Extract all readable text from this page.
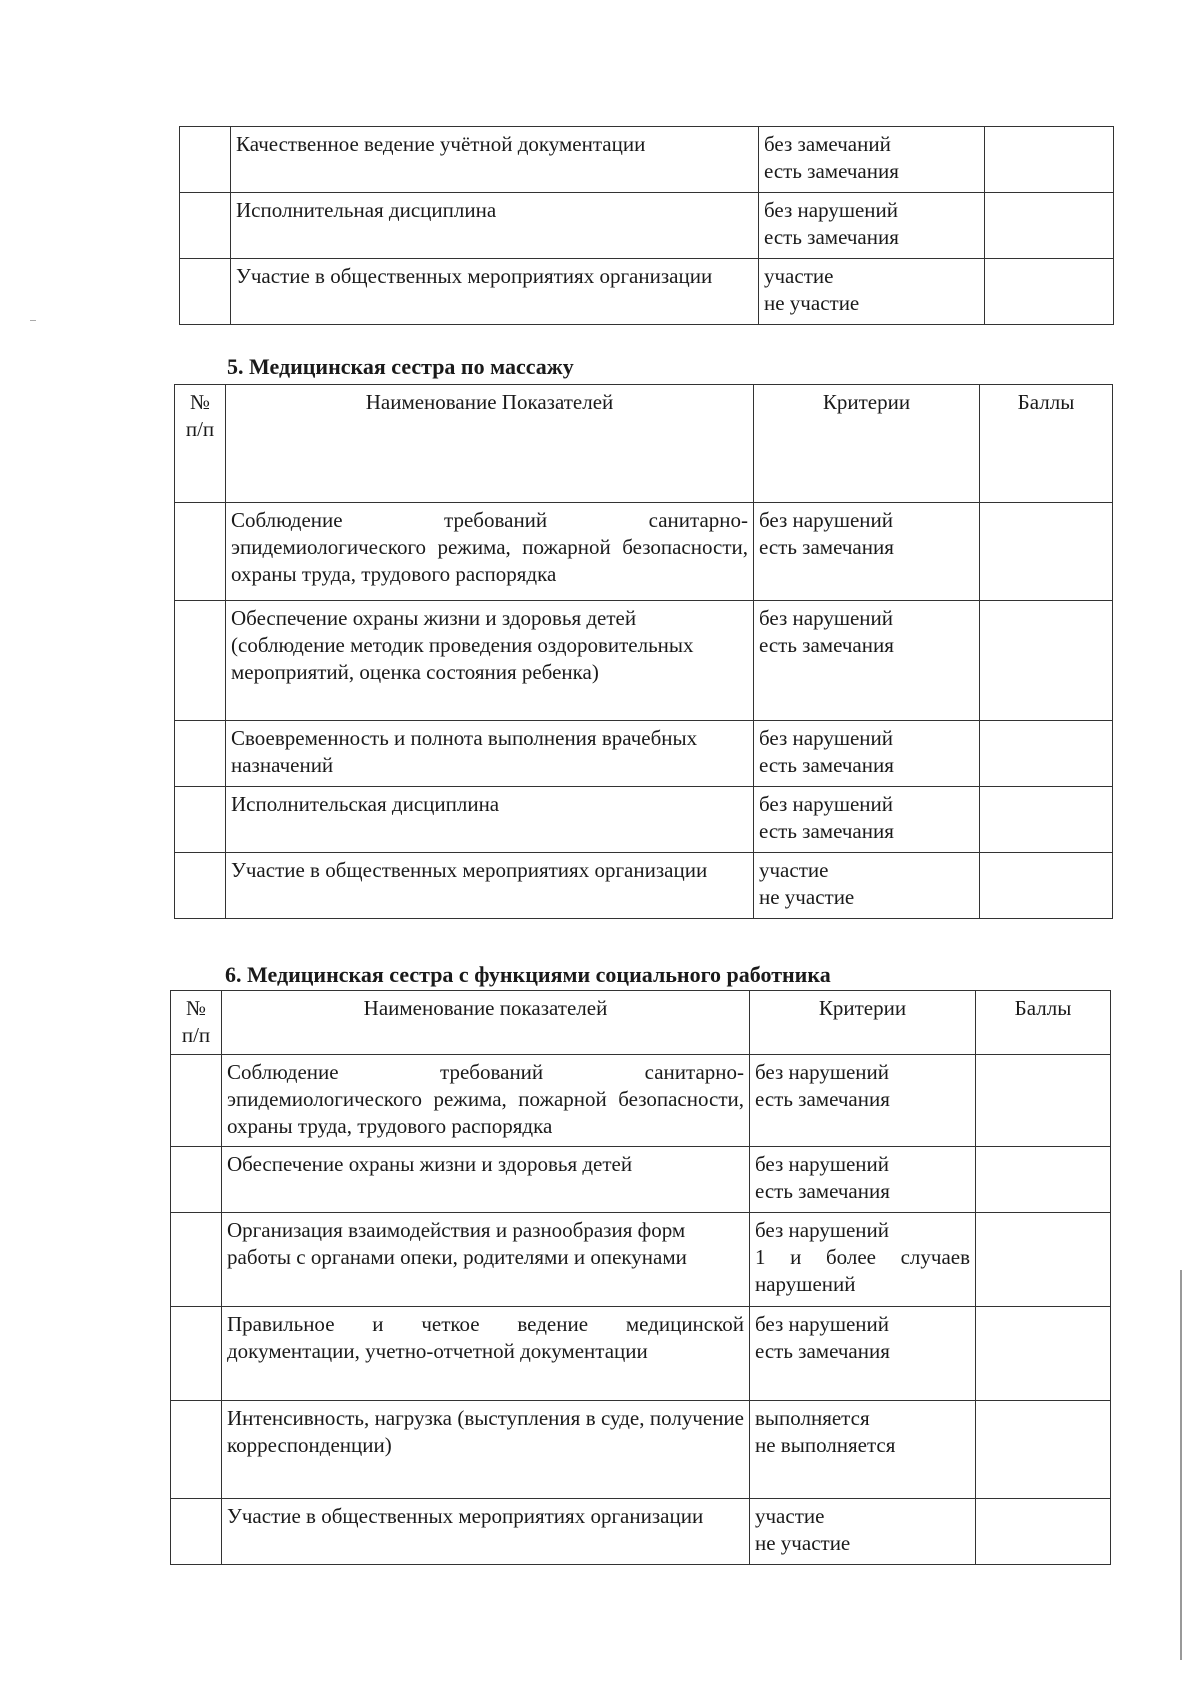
	Качественное ведение учётной документации	без замечаний
есть замечания	

	Исполнительная дисциплина	без нарушений
есть замечания	

	Участие в общественных мероприятиях организации	участие
не участие	

5. Медицинская сестра по массажу
№ п/п	Наименование Показателей	Критерии	Баллы
	Соблюдение требований санитарно-эпидемиологического режима, пожарной безопасности, охраны труда, трудового распорядка	без нарушений
есть замечания	

	Обеспечение охраны жизни и здоровья детей (соблюдение методик проведения оздоровительных мероприятий, оценка состояния ребенка)	без нарушений
есть замечания	

	Своевременность и полнота выполнения врачебных назначений	без нарушений
есть замечания	

	Исполнительская дисциплина	без нарушений
есть замечания	

	Участие в общественных мероприятиях организации	участие
не участие	

6. Медицинская сестра с функциями социального работника
№ п/п	Наименование показателей	Критерии	Баллы
	Соблюдение требований санитарно-эпидемиологического режима, пожарной безопасности, охраны труда, трудового распорядка	без нарушений
есть замечания	

	Обеспечение охраны жизни и здоровья детей	без нарушений
есть замечания	

	Организация взаимодействия и разнообразия форм работы с органами опеки, родителями и опекунами	без нарушений
1 и более случаев нарушений	

	Правильное и четкое ведение медицинской документации, учетно-отчетной документации	без нарушений
есть замечания	

	Интенсивность, нагрузка (выступления в суде, получение корреспонденции)	выполняется
не выполняется	

	Участие в общественных мероприятиях организации	участие
не участие	
